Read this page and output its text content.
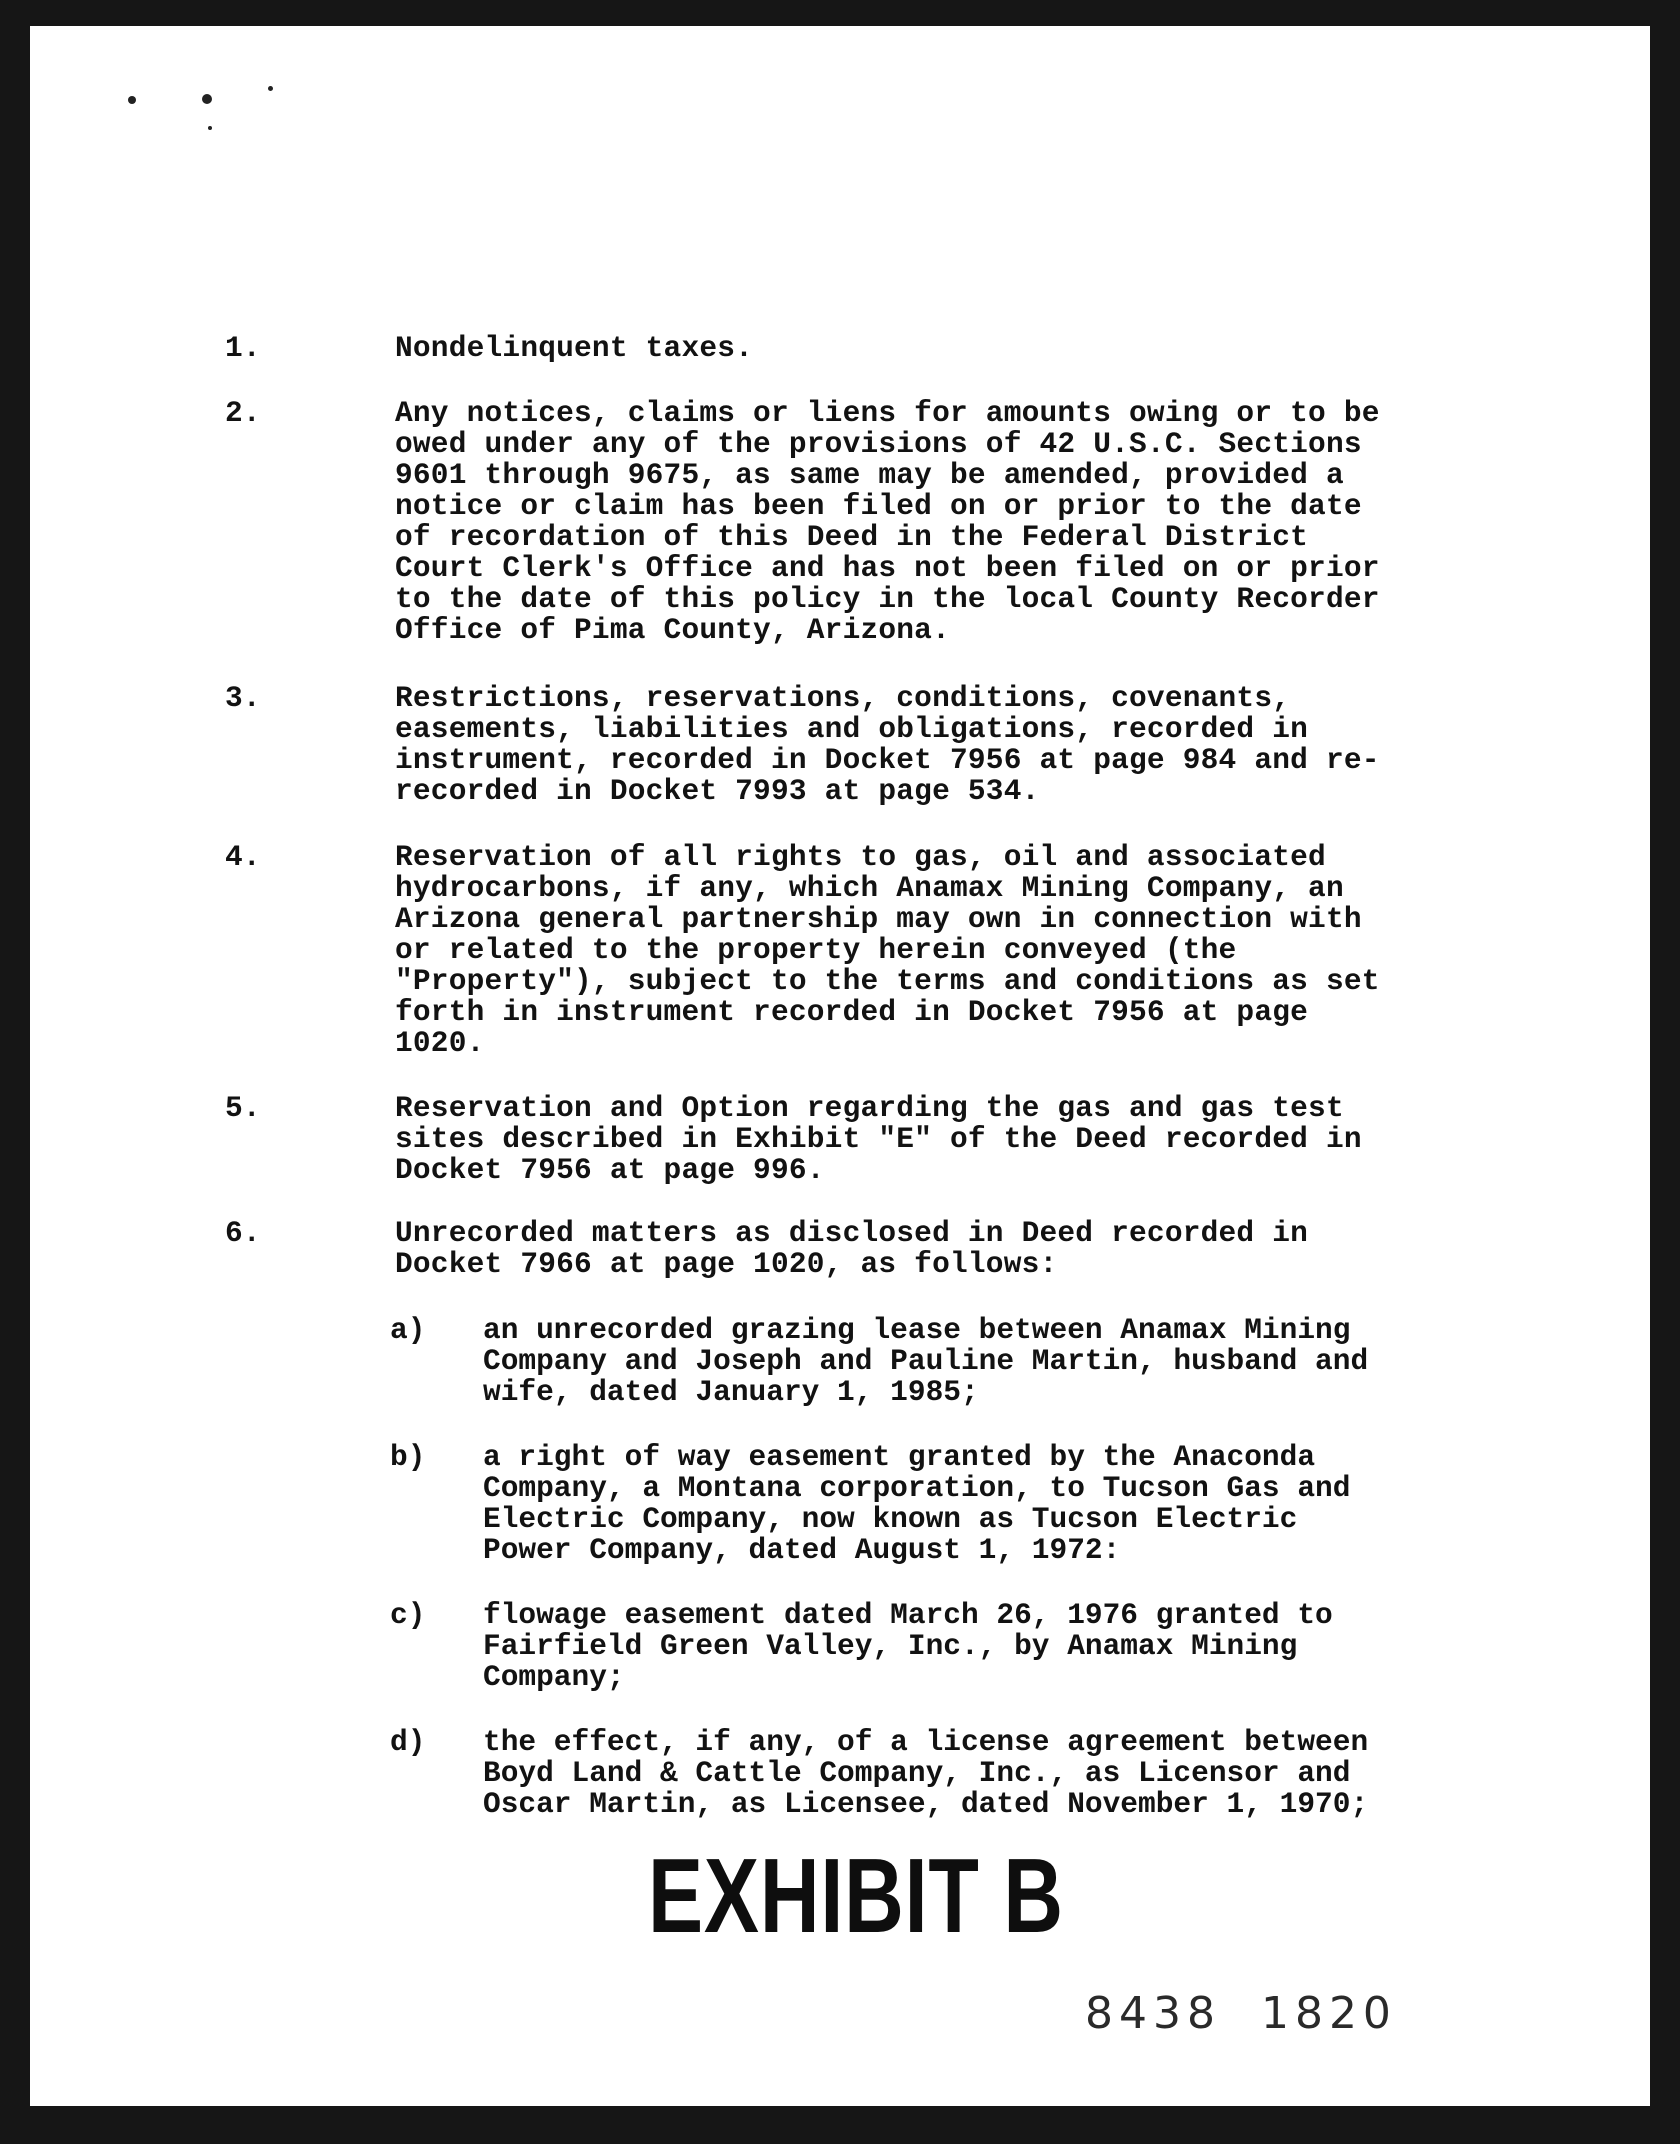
1.	Nondelinquent taxes.
2.	Any notices, claims or liens for amounts owing or to be
owed under any of the provisions of 42 U.S.C. Sections
9601 through 9675, as same may be amended, provided a
notice or claim has been filed on or prior to the date
of recordation of this Deed in the Federal District
Court Clerk's Office and has not been filed on or prior
to the date of this policy in the local County Recorder
Office of Pima County, Arizona.
3.	Restrictions, reservations, conditions, covenants,
easements, liabilities and obligations, recorded in
instrument, recorded in Docket 7956 at page 984 and re-
recorded in Docket 7993 at page 534.
4.	Reservation of all rights to gas, oil and associated
hydrocarbons, if any, which Anamax Mining Company, an
Arizona general partnership may own in connection with
or related to the property herein conveyed (the
"Property"), subject to the terms and conditions as set
forth in instrument recorded in Docket 7956 at page
1020.
5.	Reservation and Option regarding the gas and gas test
sites described in Exhibit "E" of the Deed recorded in
Docket 7956 at page 996.
6.	Unrecorded matters as disclosed in Deed recorded in
Docket 7966 at page 1020, as follows:
a) an unrecorded grazing lease between Anamax Mining
Company and Joseph and Pauline Martin, husband and
wife, dated January 1, 1985;
b) a right of way easement granted by the Anaconda
Company, a Montana corporation, to Tucson Gas and
Electric Company, now known as Tucson Electric
Power Company, dated August 1, 1972:
c) flowage easement dated March 26, 1976 granted to
Fairfield Green Valley, Inc., by Anamax Mining
Company;
d) the effect, if any, of a license agreement between
Boyd Land & Cattle Company, Inc., as Licensor and
Oscar Martin, as Licensee, dated November 1, 1970;
EXHIBIT B
8438  1820
